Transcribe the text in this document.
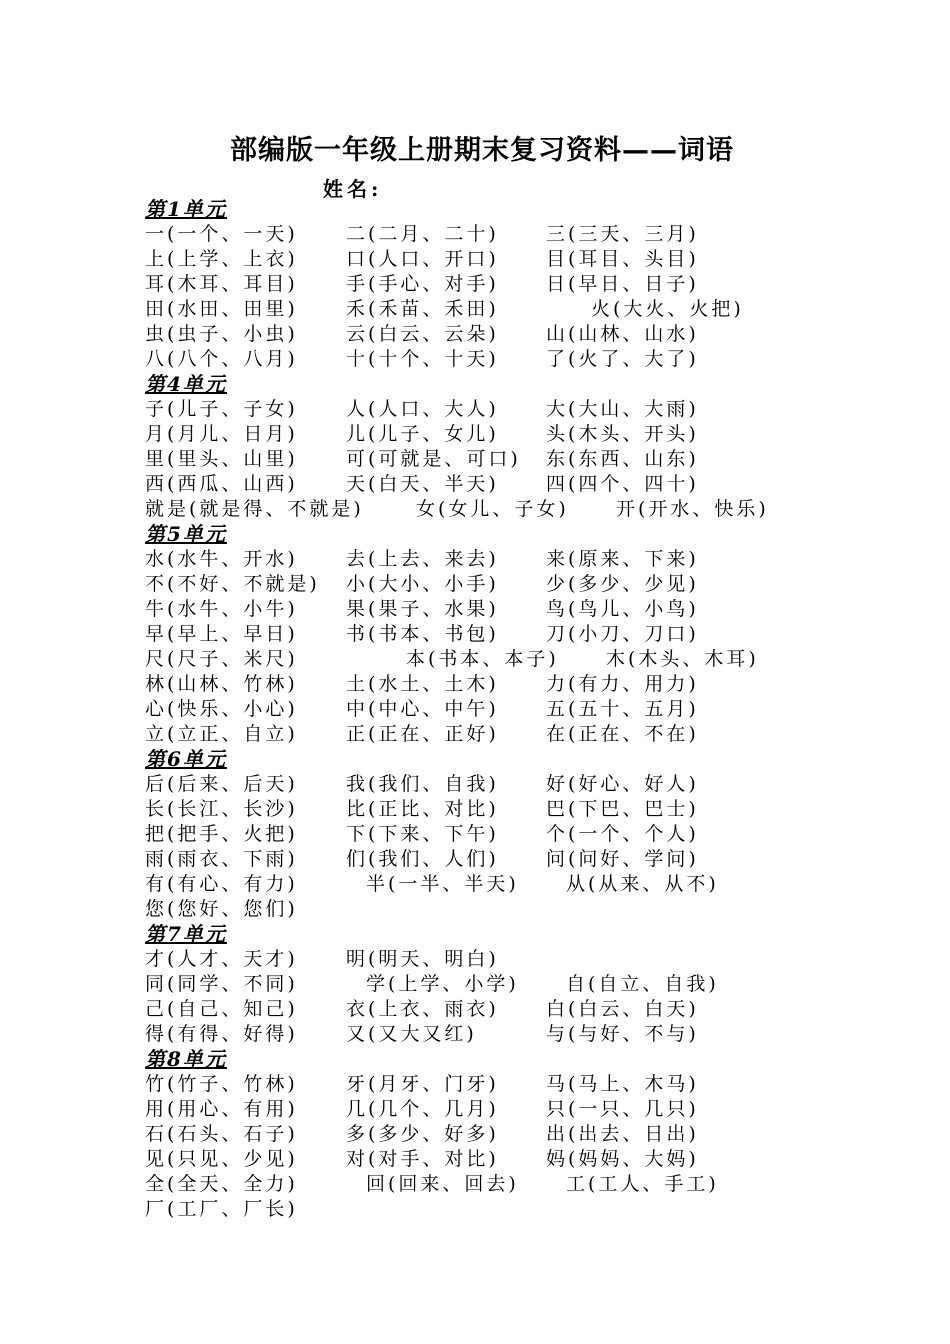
部编版一年级上册期末复习资料——词语
姓名:
第1单元
一(一个、一天)	二(二月、二十) 三(三天、三月)
上(上学、上衣)	口(人口、开口) 目(耳目、头目)
耳(木耳、耳目)	手(手心、对手) 日(早日、日子)
田(水田、田里)	禾(禾苗、禾田)	火(大火、火把)
虫(虫子、小虫)	云(白云、云朵) 山(山林、山水)
八(八个、八月)	十(十个、十天) 了(火了、大了)
第4单元
子(儿子、子女)	人(人口、大人) 大(大山、大雨)
月(月儿、日月)	儿(儿子、女儿) 头(木头、开头)
里(里头、山里)	可(可就是、可口) 东(东西、山东)
西(西瓜、山西)	天(白天、半天) 四(四个、四十)
就是(就是得、不就是)	女(女儿、子女) 开(开水、快乐)
第5单元
水(水牛、开水)	去(上去、来去) 来(原来、下来)
不(不好、不就是) 小(大小、小手) 少(多少、少见)
牛(水牛、小牛)	果(果子、水果) 鸟(鸟儿、小鸟)
早(早上、早日)	书(书本、书包) 刀(小刀、刀口)
尺(尺子、米尺)	本(书本、本子) 木(木头、木耳)
林(山林、竹林)	土(水土、土木) 力(有力、用力)
心(快乐、小心)	中(中心、中午) 五(五十、五月)
立(立正、自立)	正(正在、正好) 在(正在、不在)
第6单元
后(后来、后天)	我(我们、自我) 好(好心、好人)
长(长江、长沙)	比(正比、对比) 巴(下巴、巴士)
把(把手、火把)	下(下来、下午) 个(一个、个人)
雨(雨衣、下雨)	们(我们、人们) 问(问好、学问)
有(有心、有力)	半(一半、半天) 从(从来、从不)
您(您好、您们)
第7单元
才(人才、天才)	明(明天、明白)
同(同学、不同)	学(上学、小学) 自(自立、自我)
己(自己、知己)	衣(上衣、雨衣) 白(白云、白天)
得(有得、好得)	又(又大又红)	与(与好、不与)
第8单元
竹(竹子、竹林)	牙(月牙、门牙) 马(马上、木马)
用(用心、有用)	几(几个、几月) 只(一只、几只)
石(石头、石子)	多(多少、好多) 出(出去、日出)
见(只见、少见)	对(对手、对比) 妈(妈妈、大妈)
全(全天、全力)	回(回来、回去) 工(工人、手工)
厂(工厂、厂长)
